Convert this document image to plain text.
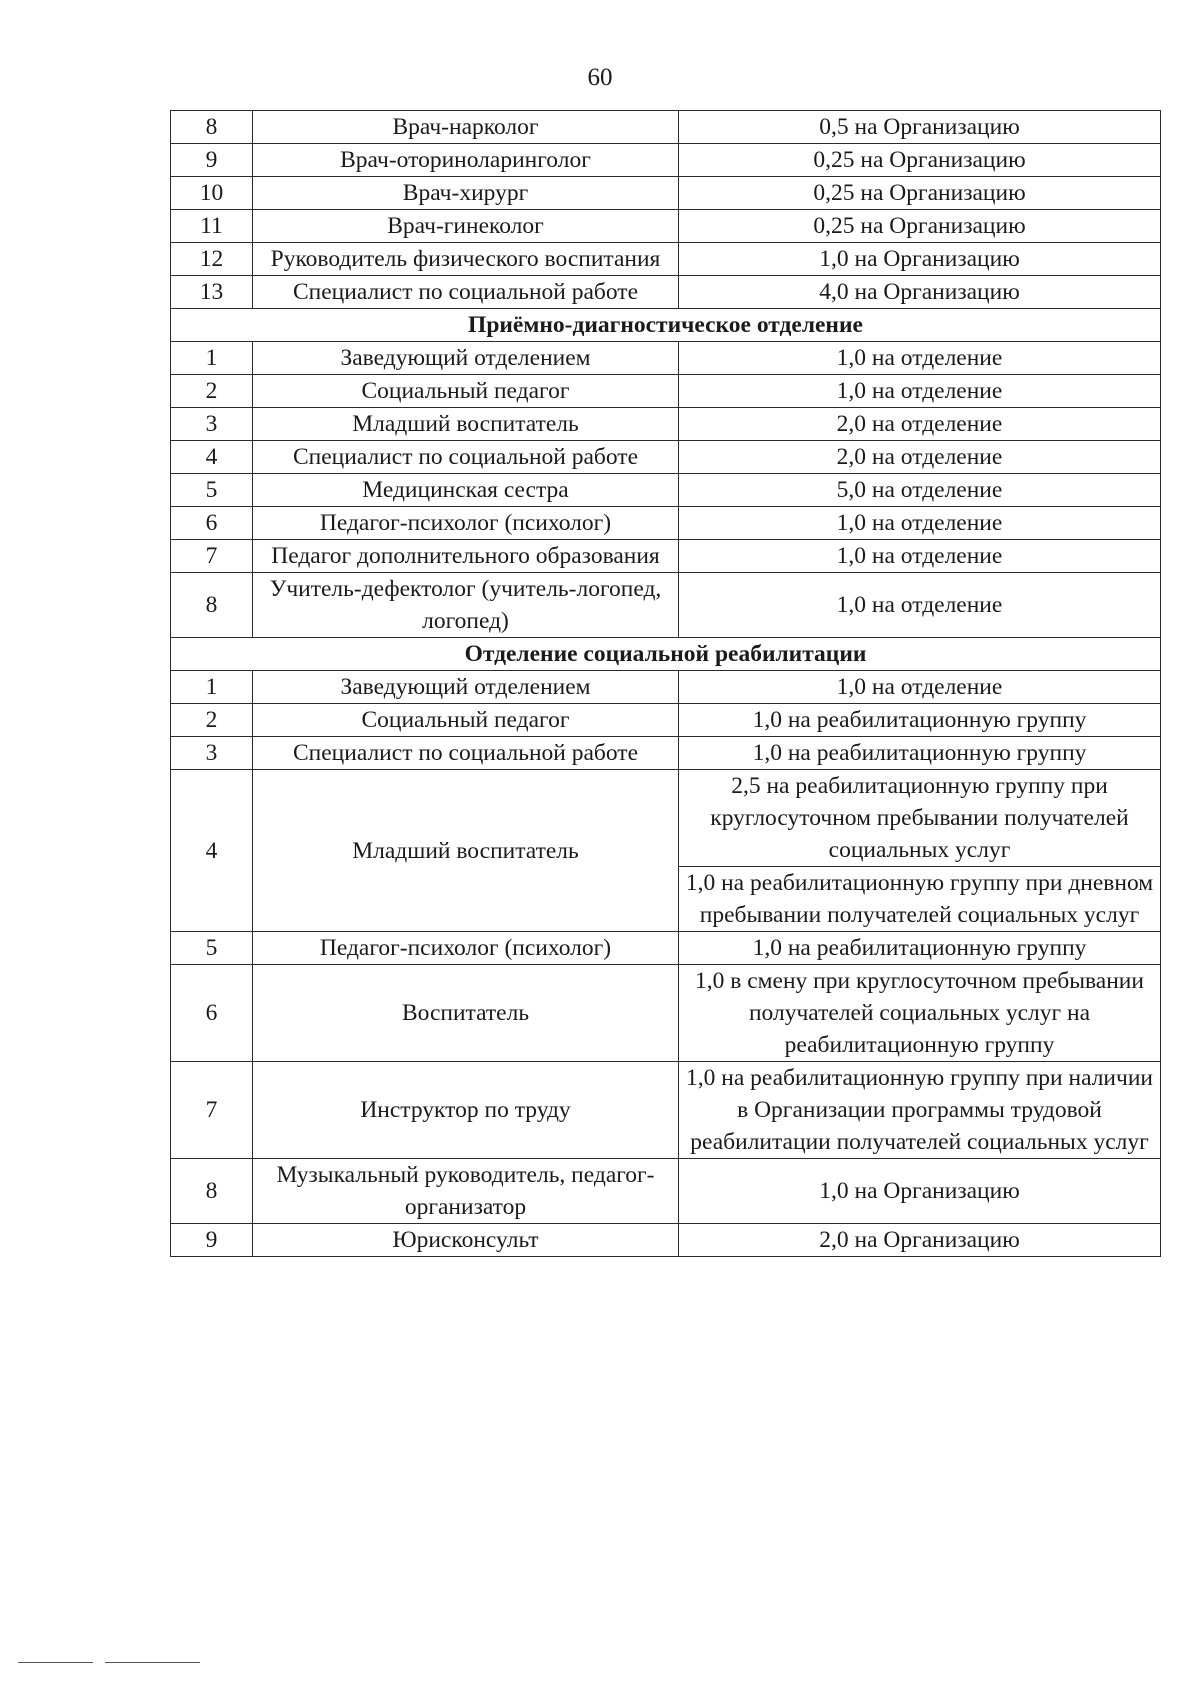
60
8	Врач-нарколог	0,5 на Организацию
9	Врач-оториноларинголог	0,25 на Организацию
10	Врач-хирург	0,25 на Организацию
11	Врач-гинеколог	0,25 на Организацию
12	Руководитель физического воспитания	1,0 на Организацию
13	Специалист по социальной работе	4,0 на Организацию
Приёмно-диагностическое отделение		
1	Заведующий отделением	1,0 на отделение
2	Социальный педагог	1,0 на отделение
3	Младший воспитатель	2,0 на отделение
4	Специалист по социальной работе	2,0 на отделение
5	Медицинская сестра	5,0 на отделение
6	Педагог-психолог (психолог)	1,0 на отделение
7	Педагог дополнительного образования	1,0 на отделение
8	Учитель-дефектолог (учитель-логопед, логопед)	1,0 на отделение
Отделение социальной реабилитации		
1	Заведующий отделением	1,0 на отделение
2	Социальный педагог	1,0 на реабилитационную группу
3	Специалист по социальной работе	1,0 на реабилитационную группу
4	Младший воспитатель	2,5 на реабилитационную группу при круглосуточном пребывании получателей социальных услуг
		1,0 на реабилитационную группу при дневном пребывании получателей социальных услуг
5	Педагог-психолог (психолог)	1,0 на реабилитационную группу
6	Воспитатель	1,0 в смену при круглосуточном пребывании получателей социальных услуг на реабилитационную группу
7	Инструктор по труду	1,0 на реабилитационную группу при наличии в Организации программы трудовой реабилитации получателей социальных услуг
8	Музыкальный руководитель, педагог-организатор	1,0 на Организацию
9	Юрисконсульт	2,0 на Организацию
